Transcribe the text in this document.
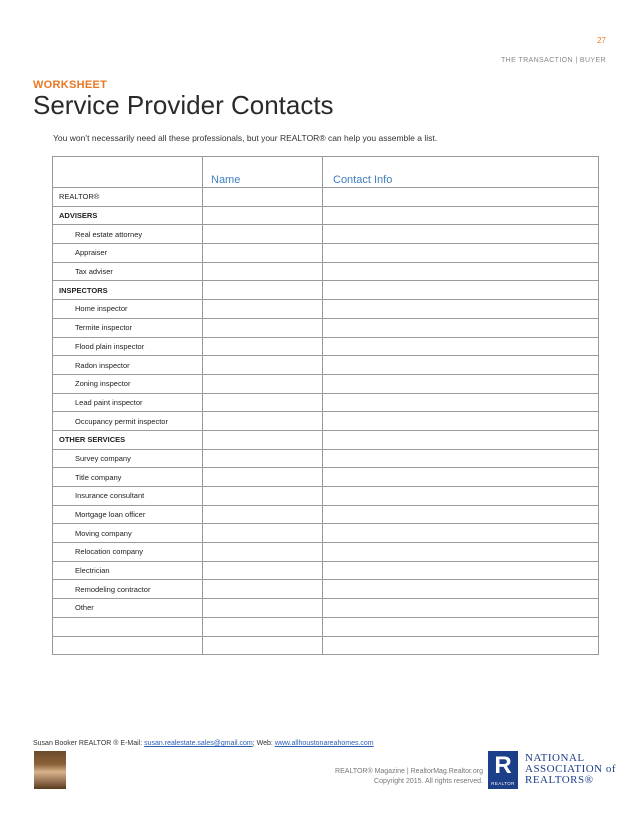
27
THE TRANSACTION | BUYER
WORKSHEET
Service Provider Contacts
You won’t necessarily need all these professionals, but your REALTOR® can help you assemble a list.
	Name	Contact Info
REALTOR®		
ADVISERS		
Real estate attorney		
Appraiser		
Tax adviser		
INSPECTORS		
Home inspector		
Termite inspector		
Flood plain inspector		
Radon inspector		
Zoning inspector		
Lead paint inspector		
Occupancy permit inspector		
OTHER SERVICES		
Survey company		
Title company		
Insurance consultant		
Mortgage loan officer		
Moving company		
Relocation company		
Electrician		
Remodeling contractor		
Other		

Susan Booker REALTOR ® E-Mail: susan.realestate.sales@gmail.com; Web: www.allhoustonareahomes.com
REALTOR® Magazine | RealtorMag.Realtor.org
Copyright 2015. All rights reserved.
R
REALTOR
NATIONAL
ASSOCIATION of
REALTORS®
